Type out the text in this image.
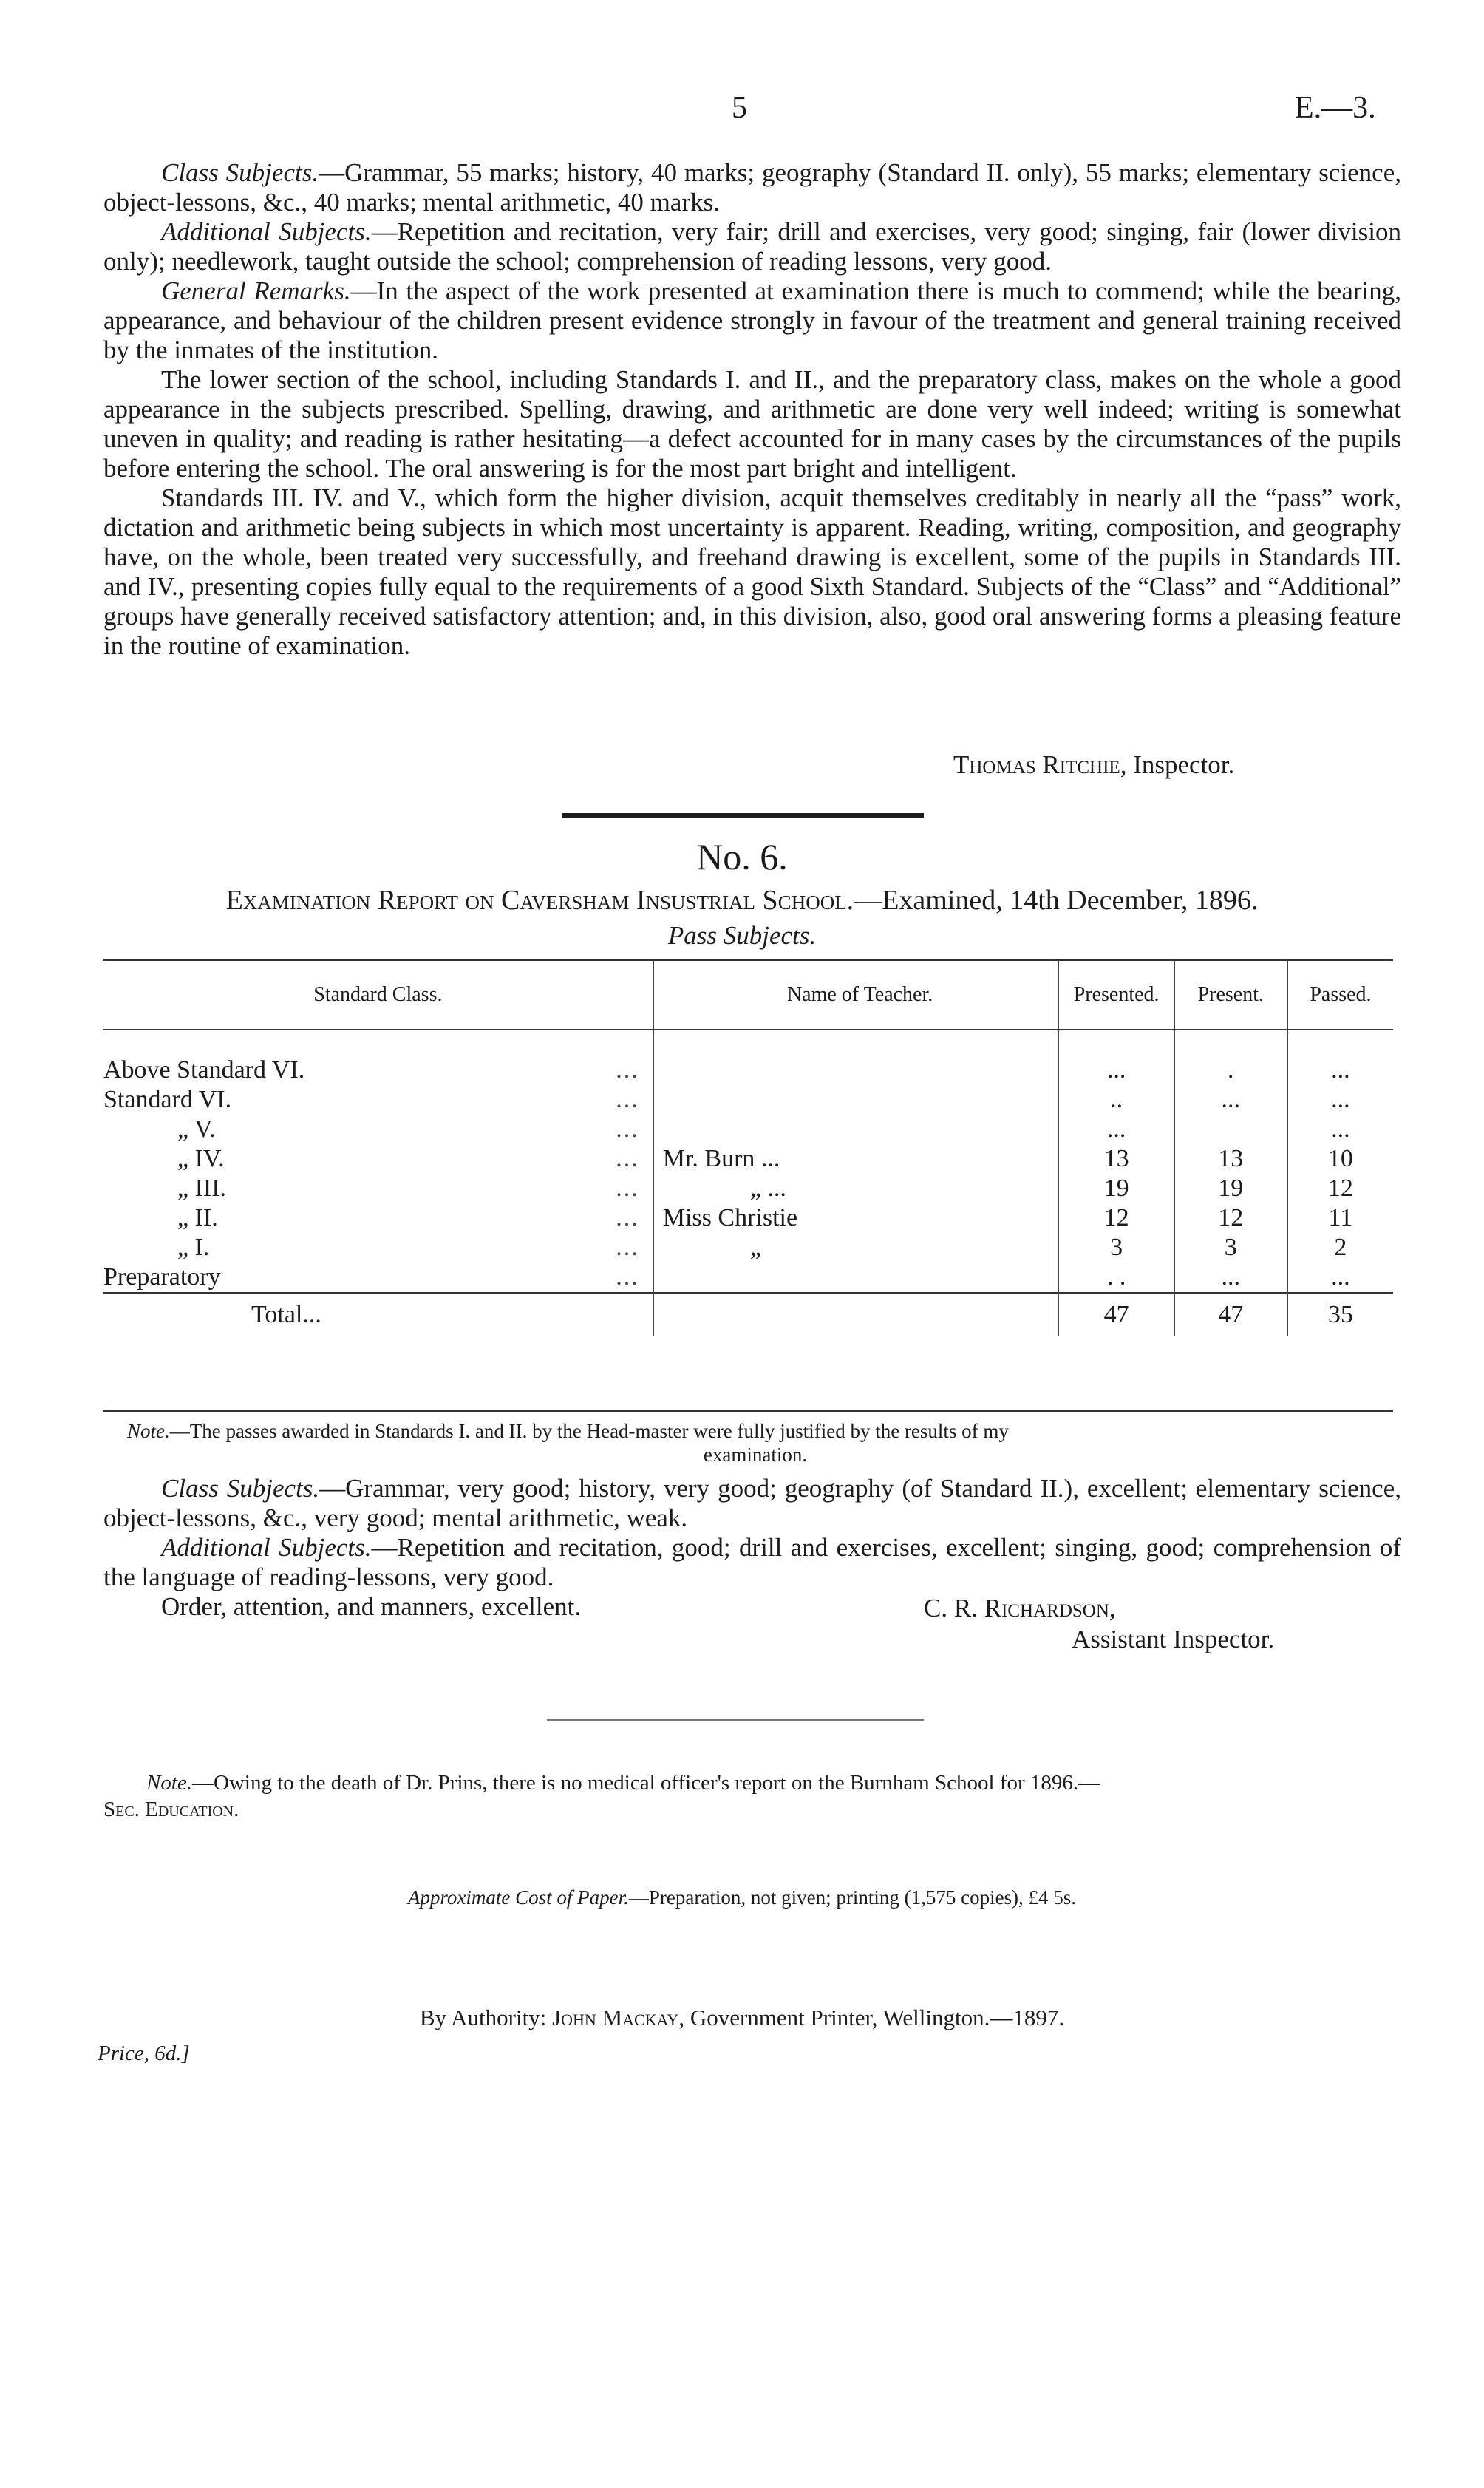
5	E.—3.

Class Subjects.—Grammar, 55 marks; history, 40 marks; geography (Standard II. only), 55 marks; elementary science, object-lessons, &c., 40 marks; mental arithmetic, 40 marks.

Additional Subjects.—Repetition and recitation, very fair; drill and exercises, very good; singing, fair (lower division only); needlework, taught outside the school; comprehension of reading lessons, very good.

General Remarks.—In the aspect of the work presented at examination there is much to commend; while the bearing, appearance, and behaviour of the children present evidence strongly in favour of the treatment and general training received by the inmates of the institution.

The lower section of the school, including Standards I. and II., and the preparatory class, makes on the whole a good appearance in the subjects prescribed. Spelling, drawing, and arithmetic are done very well indeed; writing is somewhat uneven in quality; and reading is rather hesitating—a defect accounted for in many cases by the circumstances of the pupils before entering the school. The oral answering is for the most part bright and intelligent.

Standards III. IV. and V., which form the higher division, acquit themselves creditably in nearly all the “pass” work, dictation and arithmetic being subjects in which most uncertainty is apparent. Reading, writing, composition, and geography have, on the whole, been treated very successfully, and freehand drawing is excellent, some of the pupils in Standards III. and IV., presenting copies fully equal to the requirements of a good Sixth Standard. Subjects of the “Class” and “Additional” groups have generally received satisfactory attention; and, in this division, also, good oral answering forms a pleasing feature in the routine of examination.

Thomas Ritchie, Inspector.
No. 6.
Examination Report on Caversham Insustrial School.—Examined, 14th December, 1896.
Pass Subjects.
Standard Class.	Name of Teacher.	Presented.	Present.	Passed.

Above Standard VI. ...		...	.	...

Standard VI. ...		..	...	...

„ V. ...		...		...

„ IV. ...	Mr. Burn ...	13	13	10

„ III. ...	„ ...	19	19	12

„ II. ...	Miss Christie	12	12	11

„ I. ...	„	3	3	2

Preparatory ...		. .	...	...
Total...		47	47	35
Note.—The passes awarded in Standards I. and II. by the Head-master were fully justified by the results of my
examination.

Class Subjects.—Grammar, very good; history, very good; geography (of Standard II.), excellent; elementary science, object-lessons, &c., very good; mental arithmetic, weak.

Additional Subjects.—Repetition and recitation, good; drill and exercises, excellent; singing, good; comprehension of the language of reading-lessons, very good.

Order, attention, and manners, excellent.	C. R. Richardson,
Assistant Inspector.
Note.—Owing to the death of Dr. Prins, there is no medical officer's report on the Burnham School for 1896.—
Sec. Education.
Approximate Cost of Paper.—Preparation, not given; printing (1,575 copies), £4 5s.
By Authority: John Mackay, Government Printer, Wellington.—1897.
Price, 6d.]
